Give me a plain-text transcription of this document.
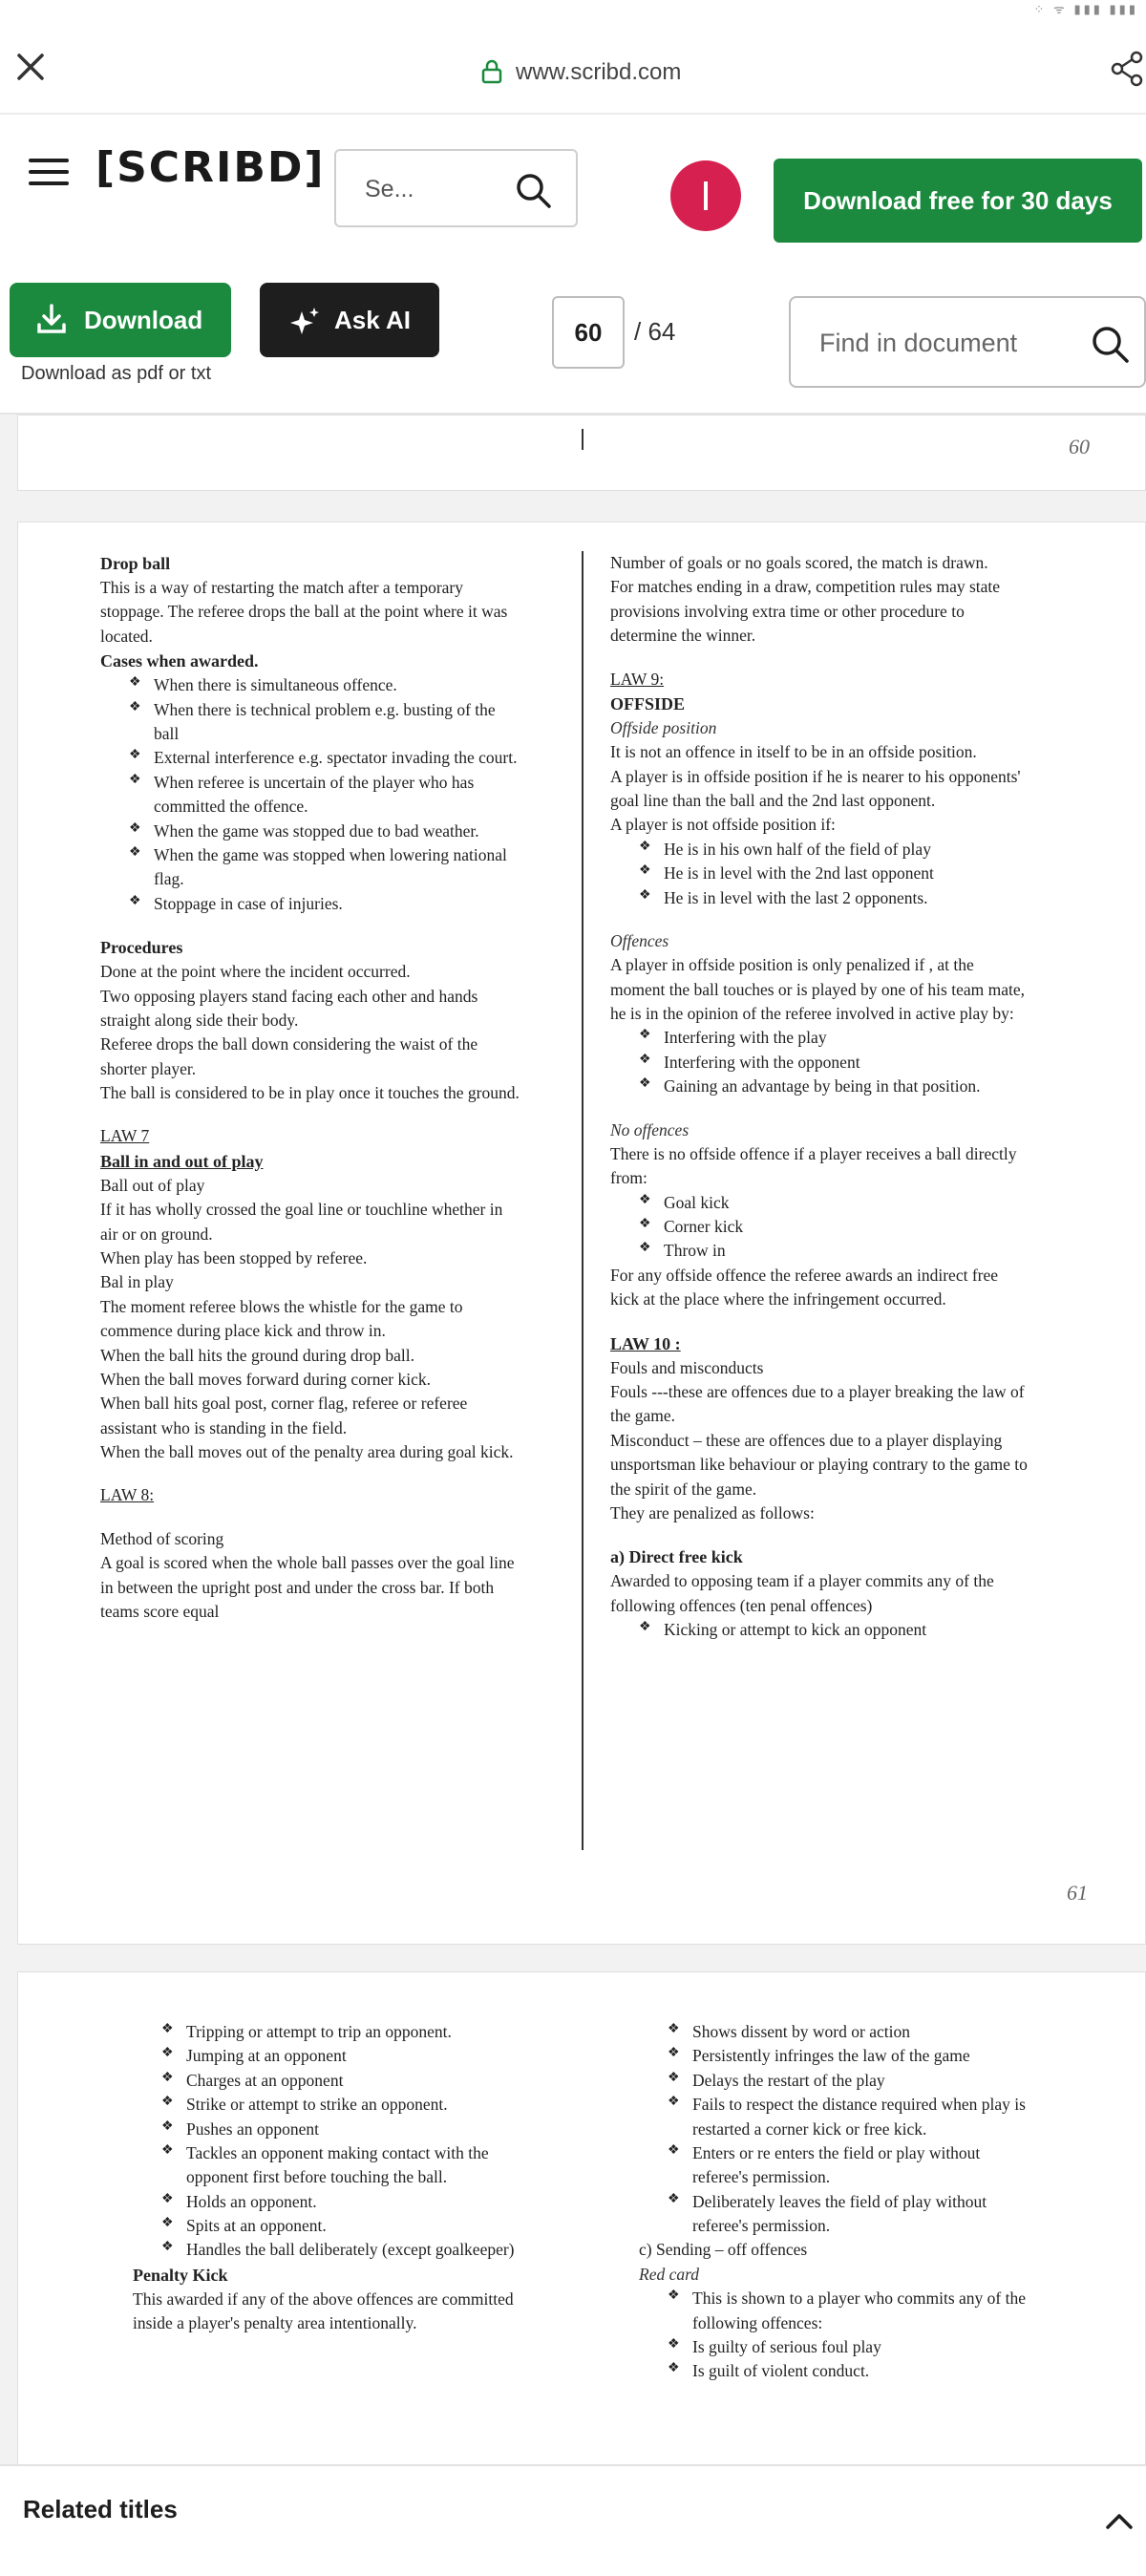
⁘ ᯤ ▮▮▮ ▮▮▮
www.scribd.com
[SCRIBD] Se...	Download free for 30 days
Download
Download as pdf or txt
Ask AI	60	/ 64	Find in document
60
Drop ball
This is a way of restarting the match after a temporary stoppage. The referee drops the ball at the point where it was located.
Cases when awarded.
❖ When there is simultaneous offence.
❖ When there is technical problem e.g. busting of the ball
❖ External interference e.g. spectator invading the court.
❖ When referee is uncertain of the player who has committed the offence.
❖ When the game was stopped due to bad weather.
❖ When the game was stopped when lowering national flag.
❖ Stoppage in case of injuries.
Procedures
Done at the point where the incident occurred.
Two opposing players stand facing each other and hands straight along side their body.
Referee drops the ball down considering the waist of the shorter player.
The ball is considered to be in play once it touches the ground.
LAW 7
Ball in and out of play
Ball out of play
If it has wholly crossed the goal line or touchline whether in air or on ground.
When play has been stopped by referee.
Bal in play
The moment referee blows the whistle for the game to commence during place kick and throw in.
When the ball hits the ground during drop ball.
When the ball moves forward during corner kick.
When ball hits goal post, corner flag, referee or referee assistant who is standing in the field.
When the ball moves out of the penalty area during goal kick.
LAW 8:
Method of scoring
A goal is scored when the whole ball passes over the goal line in between the upright post and under the cross bar. If both teams score equal
Number of goals or no goals scored, the match is drawn.
For matches ending in a draw, competition rules may state provisions involving extra time or other procedure to determine the winner.
LAW 9:
OFFSIDE
Offside position
It is not an offence in itself to be in an offside position.
A player is in offside position if he is nearer to his opponents' goal line than the ball and the 2nd last opponent.
A player is not offside position if:
❖ He is in his own half of the field of play
❖ He is in level with the 2nd last opponent
❖ He is in level with the last 2 opponents.
Offences
A player in offside position is only penalized if , at the moment the ball touches or is played by one of his team mate, he is in the opinion of the referee involved in active play by:
❖ Interfering with the play
❖ Interfering with the opponent
❖ Gaining an advantage by being in that position.
No offences
There is no offside offence if a player receives a ball directly from:
❖ Goal kick
❖ Corner kick
❖ Throw in
For any offside offence the referee awards an indirect free kick at the place where the infringement occurred.
LAW 10 :
Fouls and misconducts
Fouls ---these are offences due to a player breaking the law of the game.
Misconduct – these are offences due to a player displaying unsportsman like behaviour or playing contrary to the game to the spirit of the game.
They are penalized as follows:
a) Direct free kick
Awarded to opposing team if a player commits any of the following offences (ten penal offences)
❖ Kicking or attempt to kick an opponent
61
❖ Tripping or attempt to trip an opponent.
❖ Jumping at an opponent
❖ Charges at an opponent
❖ Strike or attempt to strike an opponent.
❖ Pushes an opponent
❖ Tackles an opponent making contact with the opponent first before touching the ball.
❖ Holds an opponent.
❖ Spits at an opponent.
❖ Handles the ball deliberately (except goalkeeper)
Penalty Kick
This awarded if any of the above offences are committed inside a player's penalty area intentionally.
❖ Shows dissent by word or action
❖ Persistently infringes the law of the game
❖ Delays the restart of the play
❖ Fails to respect the distance required when play is restarted a corner kick or free kick.
❖ Enters or re enters the field or play without referee's permission.
❖ Deliberately leaves the field of play without referee's permission.
c) Sending – off offences
Red card
❖ This is shown to a player who commits any of the following offences:
❖ Is guilty of serious foul play
❖ Is guilt of violent conduct.
Related titles
